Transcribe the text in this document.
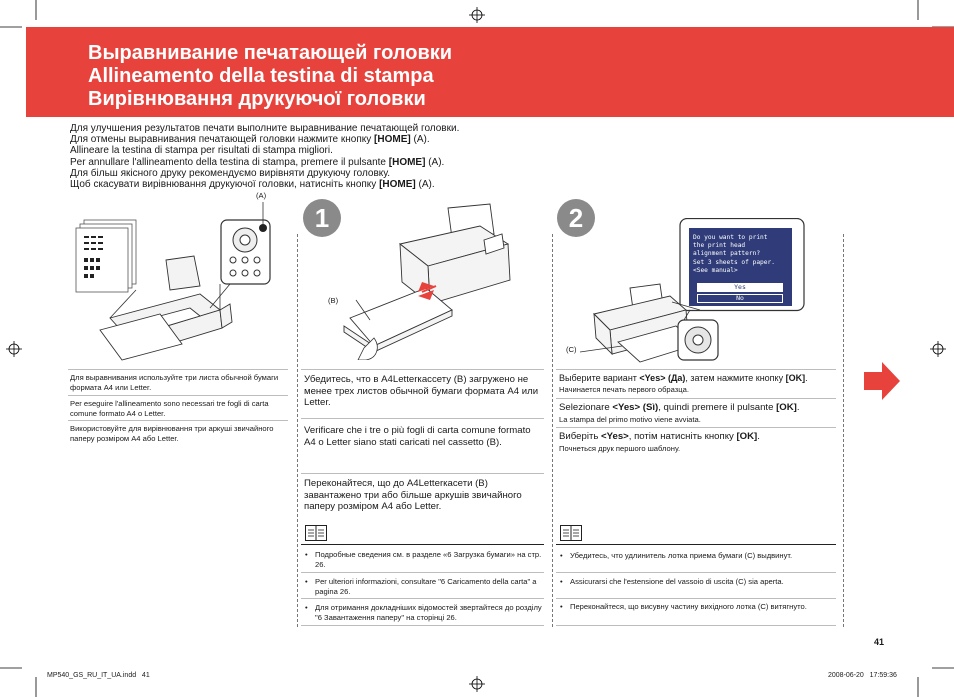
Выравнивание печатающей головки
Allineamento della testina di stampa
Вирівнювання друкуючої головки
Для улучшения результатов печати выполните выравнивание печатающей головки.
Для отмены выравнивания печатающей головки нажмите кнопку [HOME] (A).
Allineare la testina di stampa per risultati di stampa migliori.
Per annullare l'allineamento della testina di stampa, premere il pulsante [HOME] (A).
Для більш якісного друку рекомендуємо вирівняти друкуючу головку.
Щоб скасувати вирівнювання друкуючої головки, натисніть кнопку [HOME] (A).
(A)
Для выравнивания используйте три листа обычной бумаги формата A4 или Letter.
Per eseguire l'allineamento sono necessari tre fogli di carta comune formato A4 o Letter.
Використовуйте для вирівнювання три аркуші звичайного паперу розміром A4 або Letter.
1
(B)
Убедитесь, что в A4Letterкассету (B) загружено не менее трех листов обычной бумаги формата A4 или Letter.
Verificare che i tre o più fogli di carta comune formato A4 o Letter siano stati caricati nel cassetto (B).
Переконайтеся, що до A4Letterкасети (B) завантажено три або більше аркушів звичайного паперу розміром A4 або Letter.
• Подробные сведения см. в разделе «6 Загрузка бумаги» на стр. 26.
• Per ulteriori informazioni, consultare "6 Caricamento della carta" a pagina 26.
• Для отримання докладніших відомостей звертайтеся до розділу "6 Завантаження паперу" на сторінці 26.
2
Do you want to print
the print head
alignment pattern?
Set 3 sheets of paper.
<See manual>
Yes
No
(C)
Выберите вариант <Yes> (Да), затем нажмите кнопку [OK].
Начинается печать первого образца.
Selezionare <Yes> (Sì), quindi premere il pulsante [OK].
La stampa del primo motivo viene avviata.
Виберіть <Yes>, потім натисніть кнопку [OK].
Почнеться друк першого шаблону.
• Убедитесь, что удлинитель лотка приема бумаги (C) выдвинут.
• Assicurarsi che l'estensione del vassoio di uscita (C) sia aperta.
• Переконайтеся, що висувну частину вихідного лотка (C) витягнуто.
41
MP540_GS_RU_IT_UA.indd   41	2008-06-20   17:59:36
